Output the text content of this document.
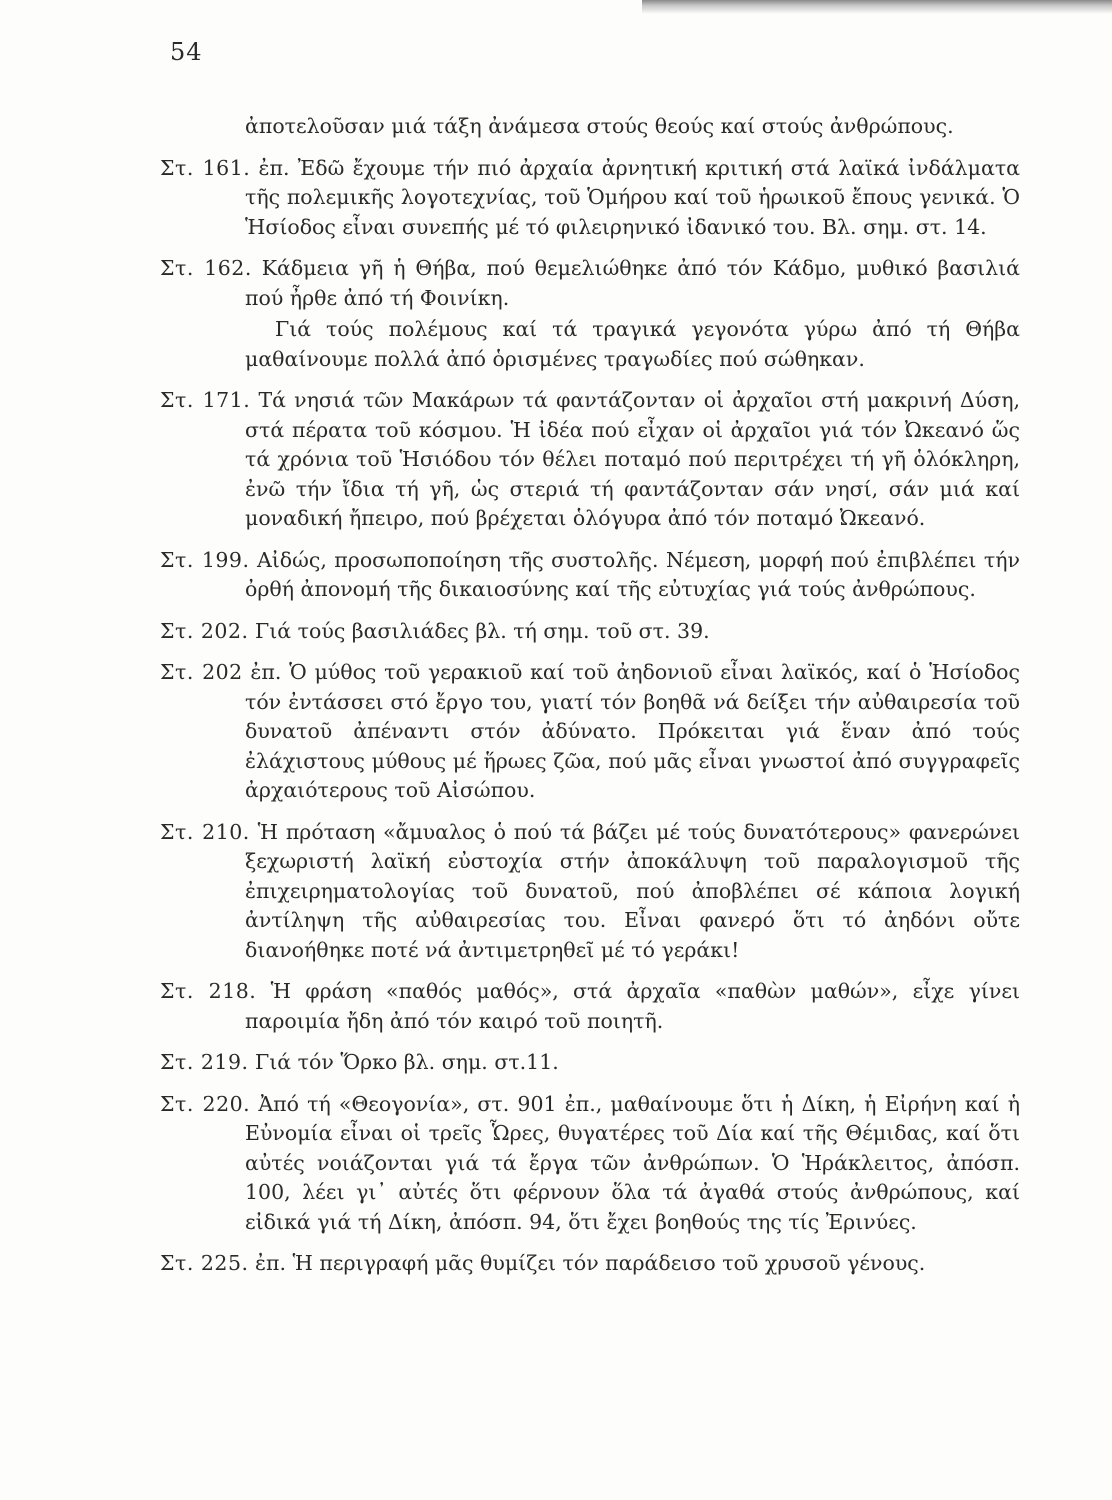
54
ἀποτελοῦσαν μιά τάξη ἀνάμεσα στούς θεούς καί στούς ἀνθρώπους.
Στ. 161. ἐπ. Ἐδῶ ἔχουμε τήν πιό ἀρχαία ἀρνητική κριτική στά λαϊκά ἰνδάλματα τῆς πολεμικῆς λογοτεχνίας, τοῦ Ὁμήρου καί τοῦ ἡρωικοῦ ἔπους γενικά. Ὁ Ἡσίοδος εἶναι συνεπής μέ τό φιλειρηνικό ἰδανικό του. Βλ. σημ. στ. 14.
Στ. 162. Κάδμεια γῆ ἡ Θήβα, πού θεμελιώθηκε ἀπό τόν Κάδμο, μυθικό βασιλιά πού ἦρθε ἀπό τή Φοινίκη.
Γιά τούς πολέμους καί τά τραγικά γεγονότα γύρω ἀπό τή Θήβα μαθαίνουμε πολλά ἀπό ὁρισμένες τραγωδίες πού σώθηκαν.
Στ. 171. Τά νησιά τῶν Μακάρων τά φαντάζονταν οἱ ἀρχαῖοι στή μακρινή Δύση, στά πέρατα τοῦ κόσμου. Ἡ ἰδέα πού εἶχαν οἱ ἀρχαῖοι γιά τόν Ὠκεανό ὥς τά χρόνια τοῦ Ἡσιόδου τόν θέλει ποταμό πού περιτρέχει τή γῆ ὁλόκληρη, ἐνῶ τήν ἴδια τή γῆ, ὡς στεριά τή φαντάζονταν σάν νησί, σάν μιά καί μοναδική ἤπειρο, πού βρέχεται ὁλόγυρα ἀπό τόν ποταμό Ὠκεανό.
Στ. 199. Αἰδώς, προσωποποίηση τῆς συστολῆς. Νέμεση, μορφή πού ἐπιβλέπει τήν ὀρθή ἀπονομή τῆς δικαιοσύνης καί τῆς εὐτυχίας γιά τούς ἀνθρώπους.
Στ. 202. Γιά τούς βασιλιάδες βλ. τή σημ. τοῦ στ. 39.
Στ. 202 ἐπ. Ὁ μύθος τοῦ γερακιοῦ καί τοῦ ἀηδονιοῦ εἶναι λαϊκός, καί ὁ Ἡσίοδος τόν ἐντάσσει στό ἔργο του, γιατί τόν βοηθᾶ νά δείξει τήν αὐθαιρεσία τοῦ δυνατοῦ ἀπέναντι στόν ἀδύνατο. Πρόκειται γιά ἕναν ἀπό τούς ἐλάχιστους μύθους μέ ἥρωες ζῶα, πού μᾶς εἶναι γνωστοί ἀπό συγγραφεῖς ἀρχαιότερους τοῦ Αἰσώπου.
Στ. 210. Ἡ πρόταση «ἄμυαλος ὁ πού τά βάζει μέ τούς δυνατότερους» φανερώνει ξεχωριστή λαϊκή εὐστοχία στήν ἀποκάλυψη τοῦ παραλογισμοῦ τῆς ἐπιχειρηματολογίας τοῦ δυνατοῦ, πού ἀποβλέπει σέ κάποια λογική ἀντίληψη τῆς αὐθαιρεσίας του. Εἶναι φανερό ὅτι τό ἀηδόνι οὔτε διανοήθηκε ποτέ νά ἀντιμετρηθεῖ μέ τό γεράκι!
Στ. 218. Ἡ φράση «παθός μαθός», στά ἀρχαῖα «παθὼν μαθών», εἶχε γίνει παροιμία ἤδη ἀπό τόν καιρό τοῦ ποιητῆ.
Στ. 219. Γιά τόν Ὅρκο βλ. σημ. στ.11.
Στ. 220. Ἀπό τή «Θεογονία», στ. 901 ἐπ., μαθαίνουμε ὅτι ἡ Δίκη, ἡ Εἰρήνη καί ἡ Εὐνομία εἶναι οἱ τρεῖς Ὧρες, θυγατέρες τοῦ Δία καί τῆς Θέμιδας, καί ὅτι αὐτές νοιάζονται γιά τά ἔργα τῶν ἀνθρώπων. Ὁ Ἡράκλειτος, ἀπόσπ. 100, λέει γι᾿ αὐτές ὅτι φέρνουν ὅλα τά ἀγαθά στούς ἀνθρώπους, καί εἰδικά γιά τή Δίκη, ἀπόσπ. 94, ὅτι ἔχει βοηθούς της τίς Ἐρινύες.
Στ. 225. ἐπ. Ἡ περιγραφή μᾶς θυμίζει τόν παράδεισο τοῦ χρυσοῦ γένους.
